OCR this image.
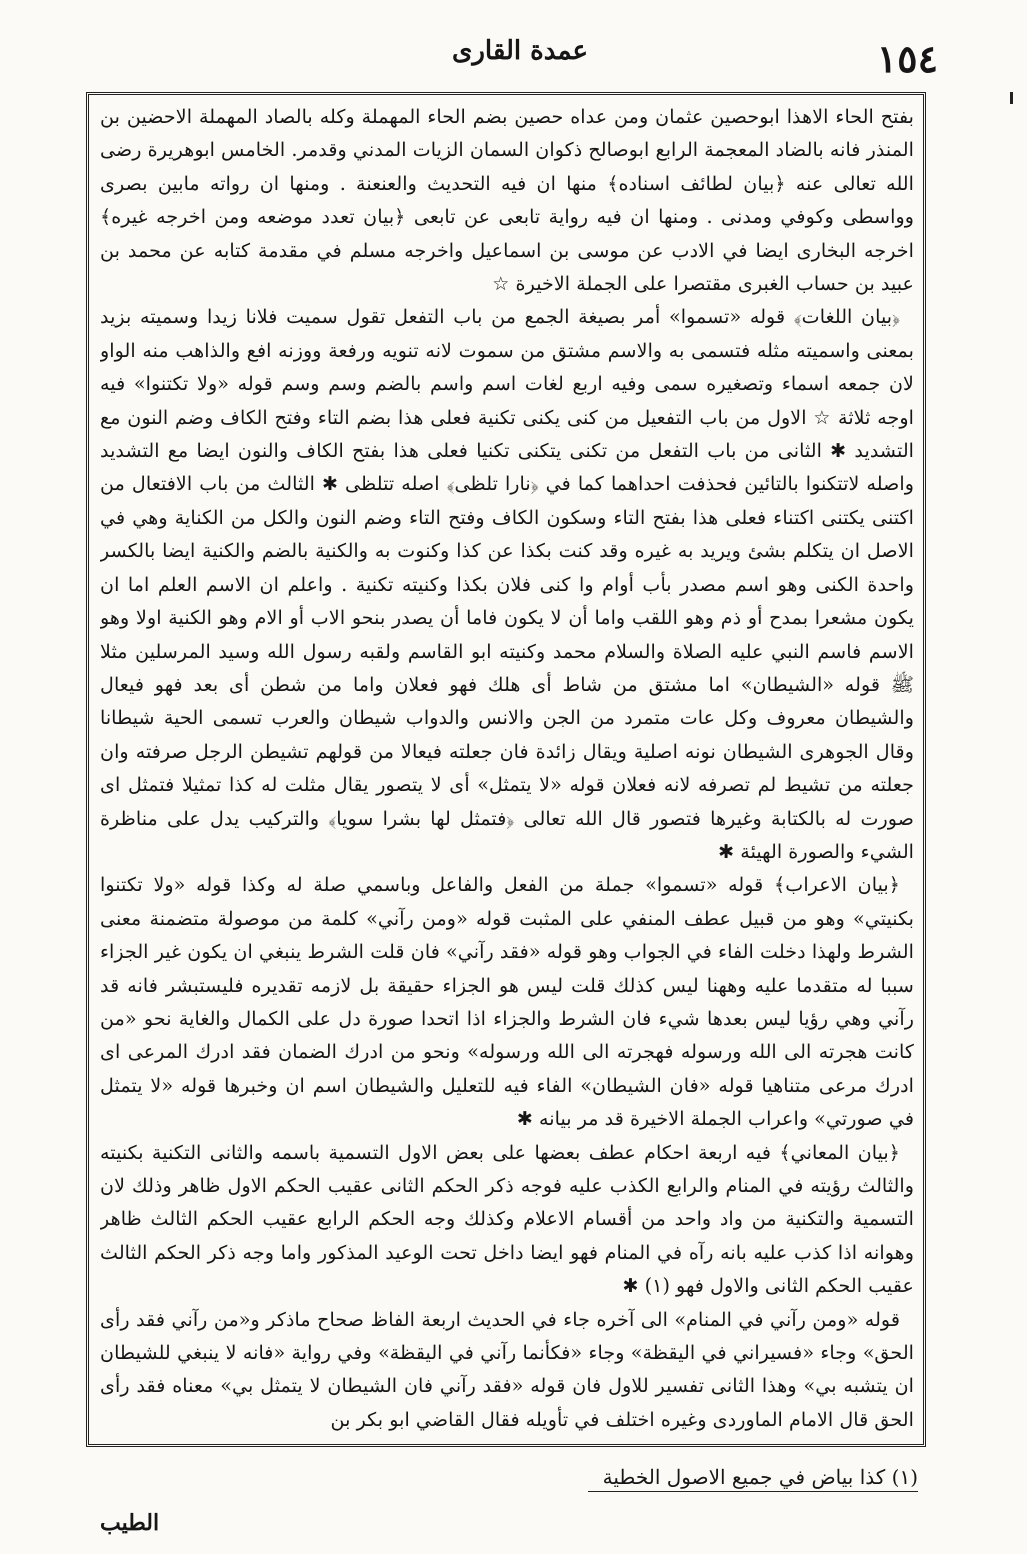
١٥٤
عمدة القارى

بفتح الحاء الاهذا ابوحصين عثمان ومن عداه حصين بضم الحاء المهملة وكله بالصاد المهملة الاحضين بن المنذر فانه بالضاد المعجمة الرابع ابوصالح ذكوان السمان الزيات المدني وقدمر. الخامس ابوهريرة رضى الله تعالى عنه ﴿بيان لطائف اسناده﴾ منها ان فيه التحديث والعنعنة . ومنها ان رواته مابين بصرى وواسطى وكوفي ومدنى . ومنها ان فيه رواية تابعى عن تابعى ﴿بيان تعدد موضعه ومن اخرجه غيره﴾ اخرجه البخارى ايضا في الادب عن موسى بن اسماعيل واخرجه مسلم في مقدمة كتابه عن محمد بن عبيد بن حساب الغبرى مقتصرا على الجملة الاخيرة ☆

﴿بيان اللغات﴾ قوله «تسموا» أمر بصيغة الجمع من باب التفعل تقول سميت فلانا زيدا وسميته بزيد بمعنى واسميته مثله فتسمى به والاسم مشتق من سموت لانه تنويه ورفعة ووزنه افع والذاهب منه الواو لان جمعه اسماء وتصغيره سمى وفيه اربع لغات اسم واسم بالضم وسم وسم قوله «ولا تكتنوا» فيه اوجه ثلاثة ☆ الاول من باب التفعيل من كنى يكنى تكنية فعلى هذا بضم التاء وفتح الكاف وضم النون مع التشديد ✱ الثانى من باب التفعل من تكنى يتكنى تكنيا فعلى هذا بفتح الكاف والنون ايضا مع التشديد واصله لاتتكنوا بالتائين فحذفت احداهما كما في ﴿نارا تلظى﴾ اصله تتلظى ✱ الثالث من باب الافتعال من اكتنى يكتنى اكتناء فعلى هذا بفتح التاء وسكون الكاف وفتح التاء وضم النون والكل من الكناية وهي في الاصل ان يتكلم بشئ ويريد به غيره وقد كنت بكذا عن كذا وكنوت به والكنية بالضم والكنية ايضا بالكسر واحدة الكنى وهو اسم مصدر بأب أوام وا كنى فلان بكذا وكنيته تكنية . واعلم ان الاسم العلم اما ان يكون مشعرا بمدح أو ذم وهو اللقب واما أن لا يكون فاما أن يصدر بنحو الاب أو الام وهو الكنية اولا وهو الاسم فاسم النبي عليه الصلاة والسلام محمد وكنيته ابو القاسم ولقبه رسول الله وسيد المرسلين مثلا ﷺ قوله «الشيطان» اما مشتق من شاط أى هلك فهو فعلان واما من شطن أى بعد فهو فيعال والشيطان معروف وكل عات متمرد من الجن والانس والدواب شيطان والعرب تسمى الحية شيطانا وقال الجوهرى الشيطان نونه اصلية ويقال زائدة فان جعلته فيعالا من قولهم تشيطن الرجل صرفته وان جعلته من تشيط لم تصرفه لانه فعلان قوله «لا يتمثل» أى لا يتصور يقال مثلت له كذا تمثيلا فتمثل اى صورت له بالكتابة وغيرها فتصور قال الله تعالى ﴿فتمثل لها بشرا سويا﴾ والتركيب يدل على مناظرة الشيء والصورة الهيئة ✱

﴿بيان الاعراب﴾ قوله «تسموا» جملة من الفعل والفاعل وباسمي صلة له وكذا قوله «ولا تكتنوا بكنيتي» وهو من قبيل عطف المنفي على المثبت قوله «ومن رآني» كلمة من موصولة متضمنة معنى الشرط ولهذا دخلت الفاء في الجواب وهو قوله «فقد رآني» فان قلت الشرط ينبغي ان يكون غير الجزاء سببا له متقدما عليه وههنا ليس كذلك قلت ليس هو الجزاء حقيقة بل لازمه تقديره فليستبشر فانه قد رآني وهي رؤيا ليس بعدها شيء فان الشرط والجزاء اذا اتحدا صورة دل على الكمال والغاية نحو «من كانت هجرته الى الله ورسوله فهجرته الى الله ورسوله» ونحو من ادرك الضمان فقد ادرك المرعى اى ادرك مرعى متناهيا قوله «فان الشيطان» الفاء فيه للتعليل والشيطان اسم ان وخبرها قوله «لا يتمثل في صورتي» واعراب الجملة الاخيرة قد مر بيانه ✱

﴿بيان المعاني﴾ فيه اربعة احكام عطف بعضها على بعض الاول التسمية باسمه والثانى التكنية بكنيته والثالث رؤيته في المنام والرابع الكذب عليه فوجه ذكر الحكم الثانى عقيب الحكم الاول ظاهر وذلك لان التسمية والتكنية من واد واحد من أقسام الاعلام وكذلك وجه الحكم الرابع عقيب الحكم الثالث ظاهر وهوانه اذا كذب عليه بانه رآه في المنام فهو ايضا داخل تحت الوعيد المذكور واما وجه ذكر الحكم الثالث عقيب الحكم الثانى والاول فهو (١) ✱

قوله «ومن رآني في المنام» الى آخره جاء في الحديث اربعة الفاظ صحاح ماذكر و«من رآني فقد رأى الحق» وجاء «فسيراني في اليقظة» وجاء «فكأنما رآني في اليقظة» وفي رواية «فانه لا ينبغي للشيطان ان يتشبه بي» وهذا الثانى تفسير للاول فان قوله «فقد رآني فان الشيطان لا يتمثل بي» معناه فقد رأى الحق قال الامام الماوردى وغيره اختلف في تأويله فقال القاضي ابو بكر بن

(١) كذا بياض في جميع الاصول الخطية
الطيب
